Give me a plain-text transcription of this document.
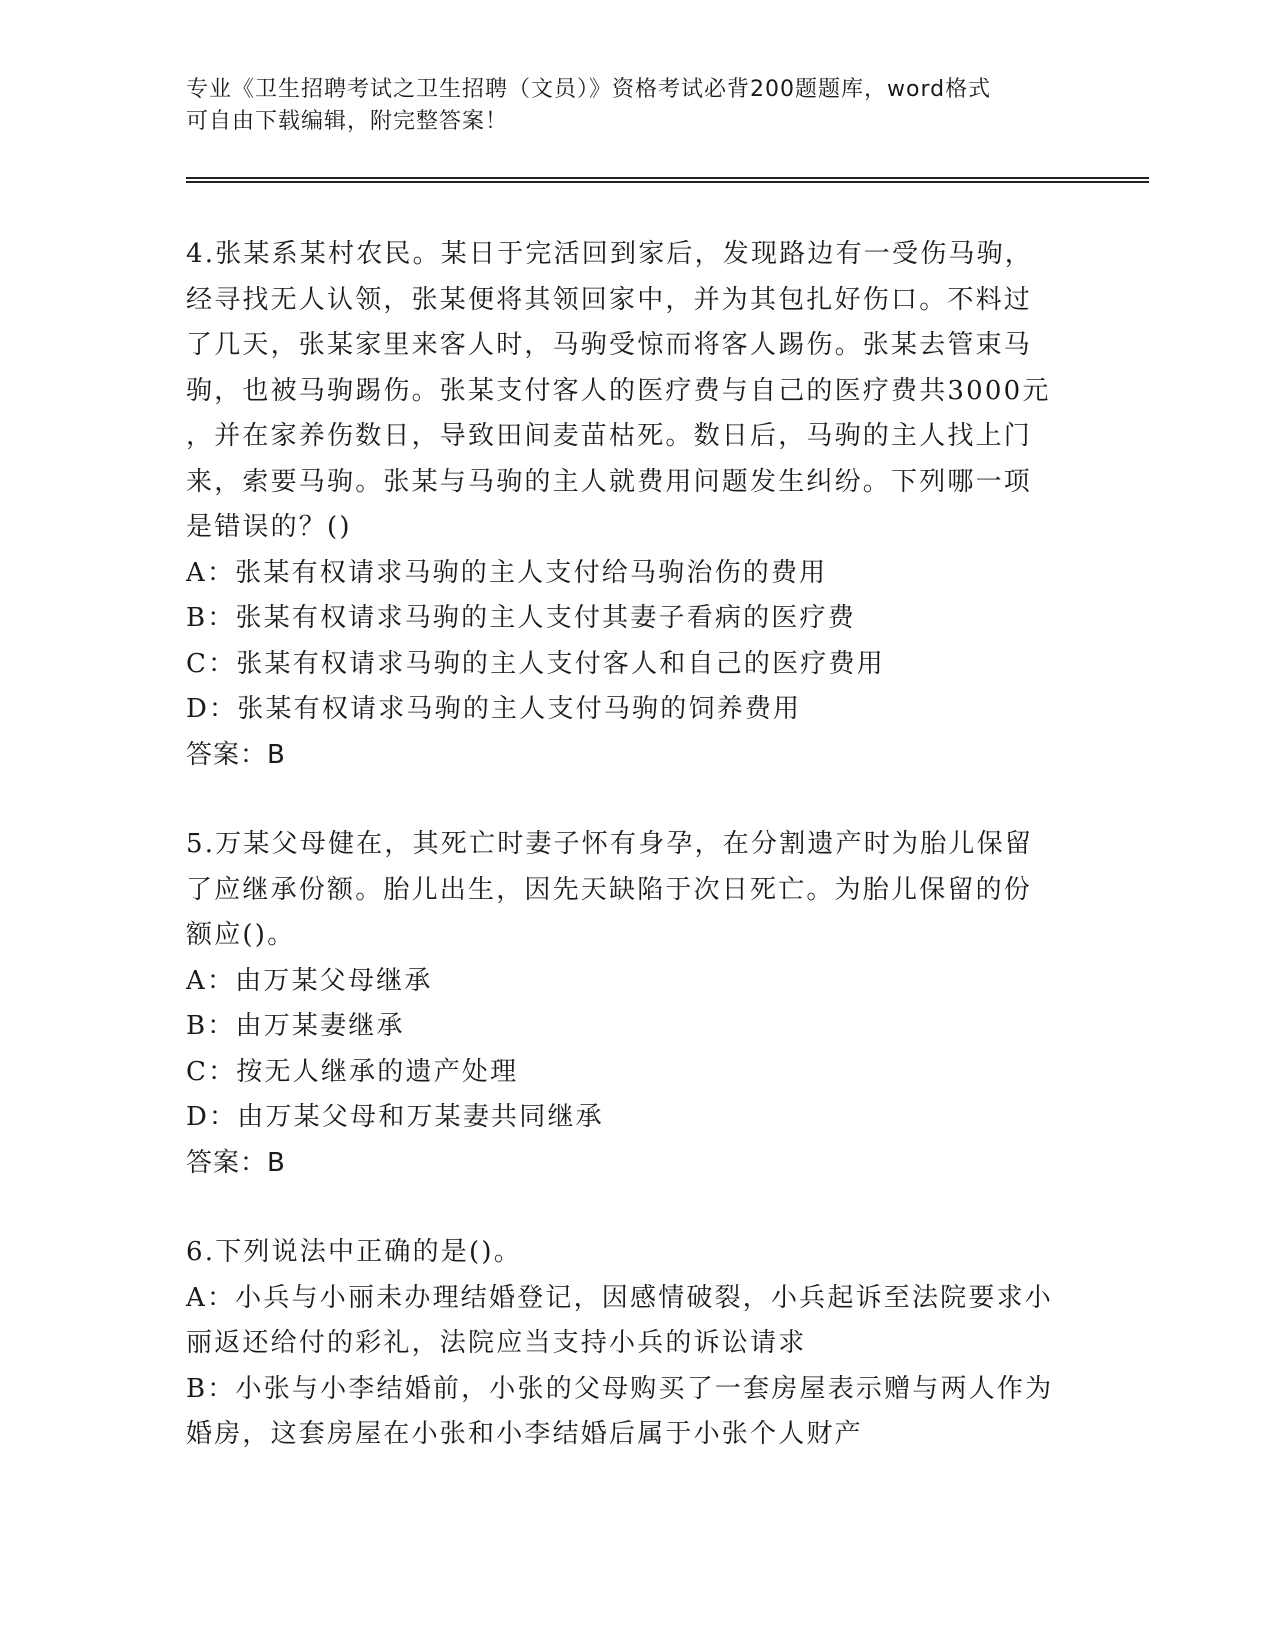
专业《卫生招聘考试之卫生招聘（文员）》资格考试必背200题题库，word格式
可自由下载编辑，附完整答案！
4.张某系某村农民。某日于完活回到家后，发现路边有一受伤马驹，
经寻找无人认领，张某便将其领回家中，并为其包扎好伤口。不料过
了几天，张某家里来客人时，马驹受惊而将客人踢伤。张某去管束马
驹，也被马驹踢伤。张某支付客人的医疗费与自己的医疗费共3000元
，并在家养伤数日，导致田间麦苗枯死。数日后，马驹的主人找上门
来，索要马驹。张某与马驹的主人就费用问题发生纠纷。下列哪一项
是错误的？()
A：张某有权请求马驹的主人支付给马驹治伤的费用
B：张某有权请求马驹的主人支付其妻子看病的医疗费
C：张某有权请求马驹的主人支付客人和自己的医疗费用
D：张某有权请求马驹的主人支付马驹的饲养费用
答案：B
5.万某父母健在，其死亡时妻子怀有身孕，在分割遗产时为胎儿保留
了应继承份额。胎儿出生，因先天缺陷于次日死亡。为胎儿保留的份
额应()。
A：由万某父母继承
B：由万某妻继承
C：按无人继承的遗产处理
D：由万某父母和万某妻共同继承
答案：B
6.下列说法中正确的是()。
A：小兵与小丽未办理结婚登记，因感情破裂，小兵起诉至法院要求小
丽返还给付的彩礼，法院应当支持小兵的诉讼请求
B：小张与小李结婚前，小张的父母购买了一套房屋表示赠与两人作为
婚房，这套房屋在小张和小李结婚后属于小张个人财产
